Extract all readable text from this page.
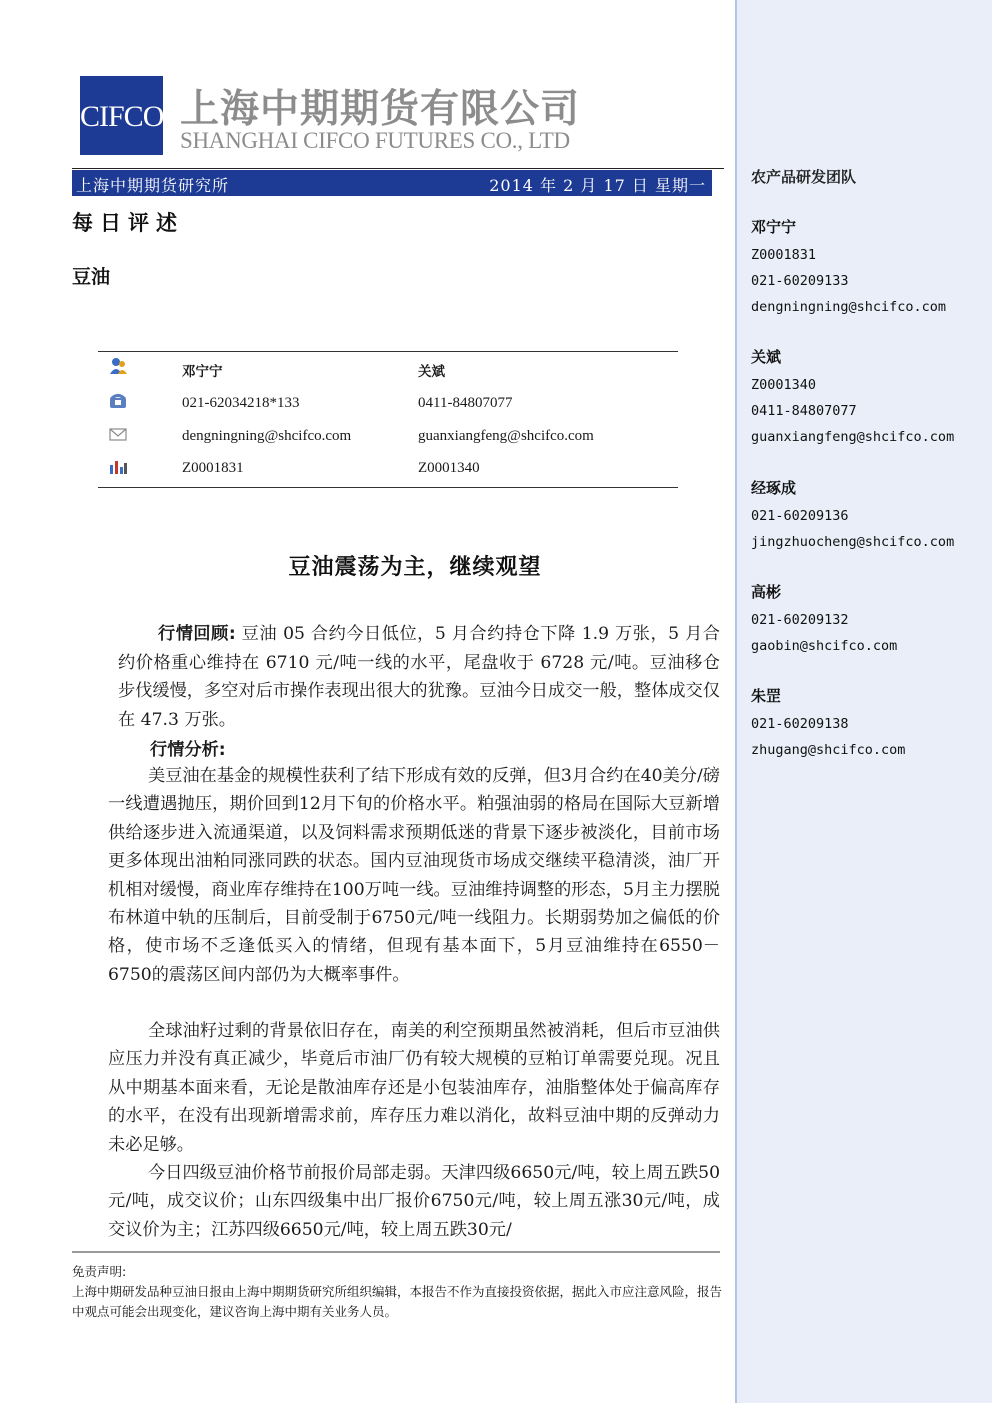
CIFCO 上海中期期货有限公司
SHANGHAI CIFCO FUTURES CO., LTD
上海中期期货研究所	2014 年 2 月 17 日 星期一
每日评述
豆油
邓宁宁	关斌
021-62034218*133	0411-84807077
dengningning@shcifco.com	guanxiangfeng@shcifco.com
Z0001831	Z0001340
豆油震荡为主，继续观望
行情回顾: 豆油 05 合约今日低位，5 月合约持仓下降 1.9 万张，5 月合约价格重心维持在 6710 元/吨一线的水平，尾盘收于 6728 元/吨。豆油移仓步伐缓慢，多空对后市操作表现出很大的犹豫。豆油今日成交一般，整体成交仅在 47.3 万张。
行情分析:
美豆油在基金的规模性获利了结下形成有效的反弹，但3月合约在40美分/磅一线遭遇抛压，期价回到12月下旬的价格水平。粕强油弱的格局在国际大豆新增供给逐步进入流通渠道，以及饲料需求预期低迷的背景下逐步被淡化，目前市场更多体现出油粕同涨同跌的状态。国内豆油现货市场成交继续平稳清淡，油厂开机相对缓慢，商业库存维持在100万吨一线。豆油维持调整的形态，5月主力摆脱布林道中轨的压制后，目前受制于6750元/吨一线阻力。长期弱势加之偏低的价格，使市场不乏逢低买入的情绪，但现有基本面下，5月豆油维持在6550－6750的震荡区间内部仍为大概率事件。
全球油籽过剩的背景依旧存在，南美的利空预期虽然被消耗，但后市豆油供应压力并没有真正减少，毕竟后市油厂仍有较大规模的豆粕订单需要兑现。况且从中期基本面来看，无论是散油库存还是小包装油库存，油脂整体处于偏高库存的水平，在没有出现新增需求前，库存压力难以消化，故料豆油中期的反弹动力未必足够。
今日四级豆油价格节前报价局部走弱。天津四级6650元/吨，较上周五跌50元/吨，成交议价；山东四级集中出厂报价6750元/吨，较上周五涨30元/吨，成交议价为主；江苏四级6650元/吨，较上周五跌30元/
免责声明:
上海中期研发品种豆油日报由上海中期期货研究所组织编辑，本报告不作为直接投资依据，据此入市应注意风险，报告中观点可能会出现变化，建议咨询上海中期有关业务人员。
农产品研发团队
邓宁宁
Z0001831
021-60209133
dengningning@shcifco.com
关斌
Z0001340
0411-84807077
guanxiangfeng@shcifco.com
经琢成
021-60209136
jingzhuocheng@shcifco.com
高彬
021-60209132
gaobin@shcifco.com
朱罡
021-60209138
zhugang@shcifco.com
